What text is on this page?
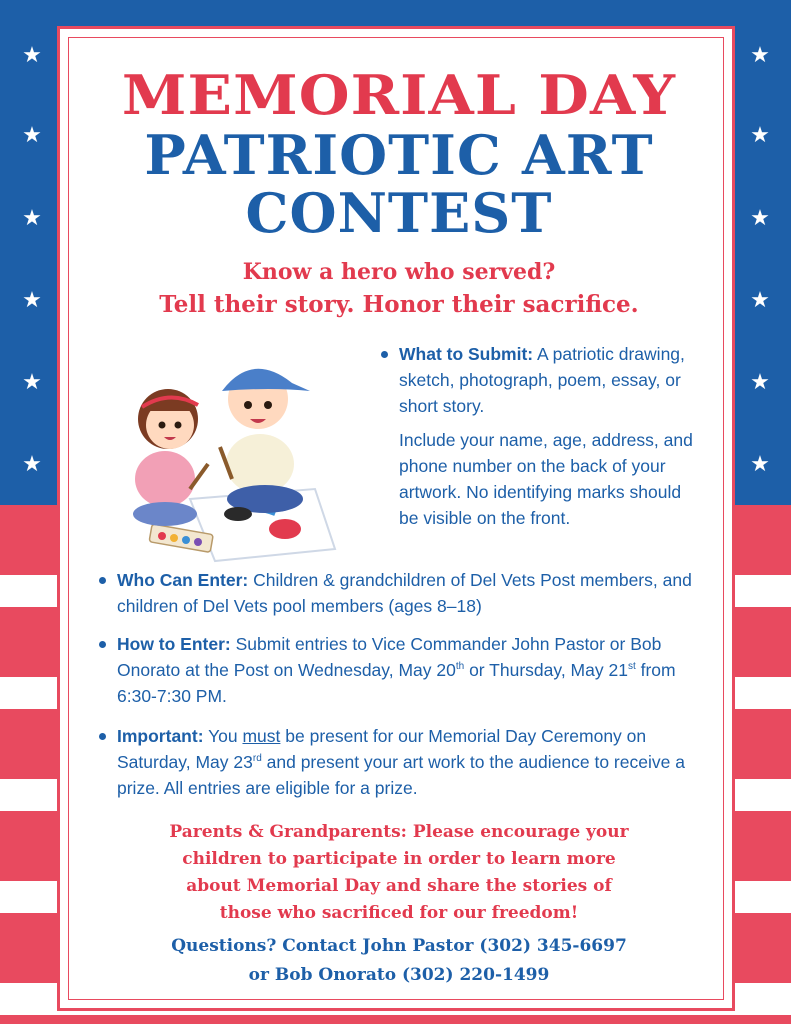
★
★
★
★
★
★
★
★
★
★
★
★
MEMORIAL DAY
PATRIOTIC ART
CONTEST
Know a hero who served?
Tell their story. Honor their sacrifice.
What to Submit: A patriotic drawing, sketch, photograph, poem, essay, or short story.
Include your name, age, address, and phone number on the back of your artwork. No identifying marks should be visible on the front.
Who Can Enter: Children & grandchildren of Del Vets Post members, and children of Del Vets pool members (ages 8–18)
How to Enter: Submit entries to Vice Commander John Pastor or Bob Onorato at the Post on Wednesday, May 20th or Thursday, May 21st from 6:30-7:30 PM.
Important: You must be present for our Memorial Day Ceremony on Saturday, May 23rd and present your art work to the audience to receive a prize. All entries are eligible for a prize.
Parents & Grandparents: Please encourage your
children to participate in order to learn more
about Memorial Day and share the stories of
those who sacrificed for our freedom!
Questions? Contact John Pastor (302) 345-6697
or Bob Onorato (302) 220-1499
